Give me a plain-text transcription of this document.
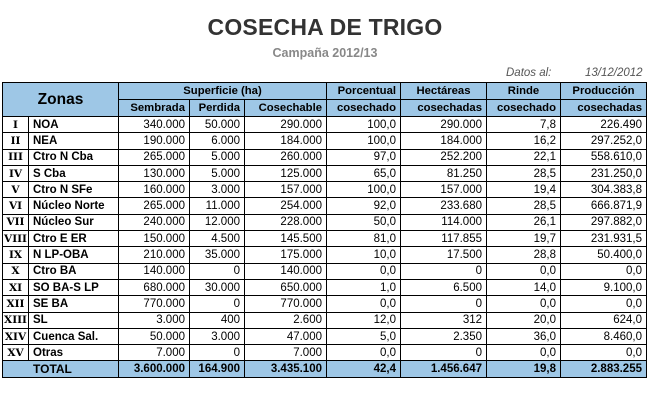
COSECHA DE TRIGO
Campaña 2012/13
Datos al:	13/12/2012
Zonas		Superficie (ha)			Porcentual	Hectáreas	Rinde	Producción
		Sembrada	Perdida	Cosechable	cosechado	cosechadas	cosechado	cosechadas
I	NOA	340.000	50.000	290.000	100,0	290.000	7,8	226.490
II	NEA	190.000	6.000	184.000	100,0	184.000	16,2	297.252,0
III	Ctro N Cba	265.000	5.000	260.000	97,0	252.200	22,1	558.610,0
IV	S Cba	130.000	5.000	125.000	65,0	81.250	28,5	231.250,0
V	Ctro N SFe	160.000	3.000	157.000	100,0	157.000	19,4	304.383,8
VI	Núcleo Norte	265.000	11.000	254.000	92,0	233.680	28,5	666.871,9
VII	Núcleo Sur	240.000	12.000	228.000	50,0	114.000	26,1	297.882,0
VIII	Ctro E ER	150.000	4.500	145.500	81,0	117.855	19,7	231.931,5
IX	N LP-OBA	210.000	35.000	175.000	10,0	17.500	28,8	50.400,0
X	Ctro BA	140.000	0	140.000	0,0	0	0,0	0,0
XI	SO BA-S LP	680.000	30.000	650.000	1,0	6.500	14,0	9.100,0
XII	SE BA	770.000	0	770.000	0,0	0	0,0	0,0
XIII	SL	3.000	400	2.600	12,0	312	20,0	624,0
XIV	Cuenca Sal.	50.000	3.000	47.000	5,0	2.350	36,0	8.460,0
XV	Otras	7.000	0	7.000	0,0	0	0,0	0,0
TOTAL		3.600.000	164.900	3.435.100	42,4	1.456.647	19,8	2.883.255
